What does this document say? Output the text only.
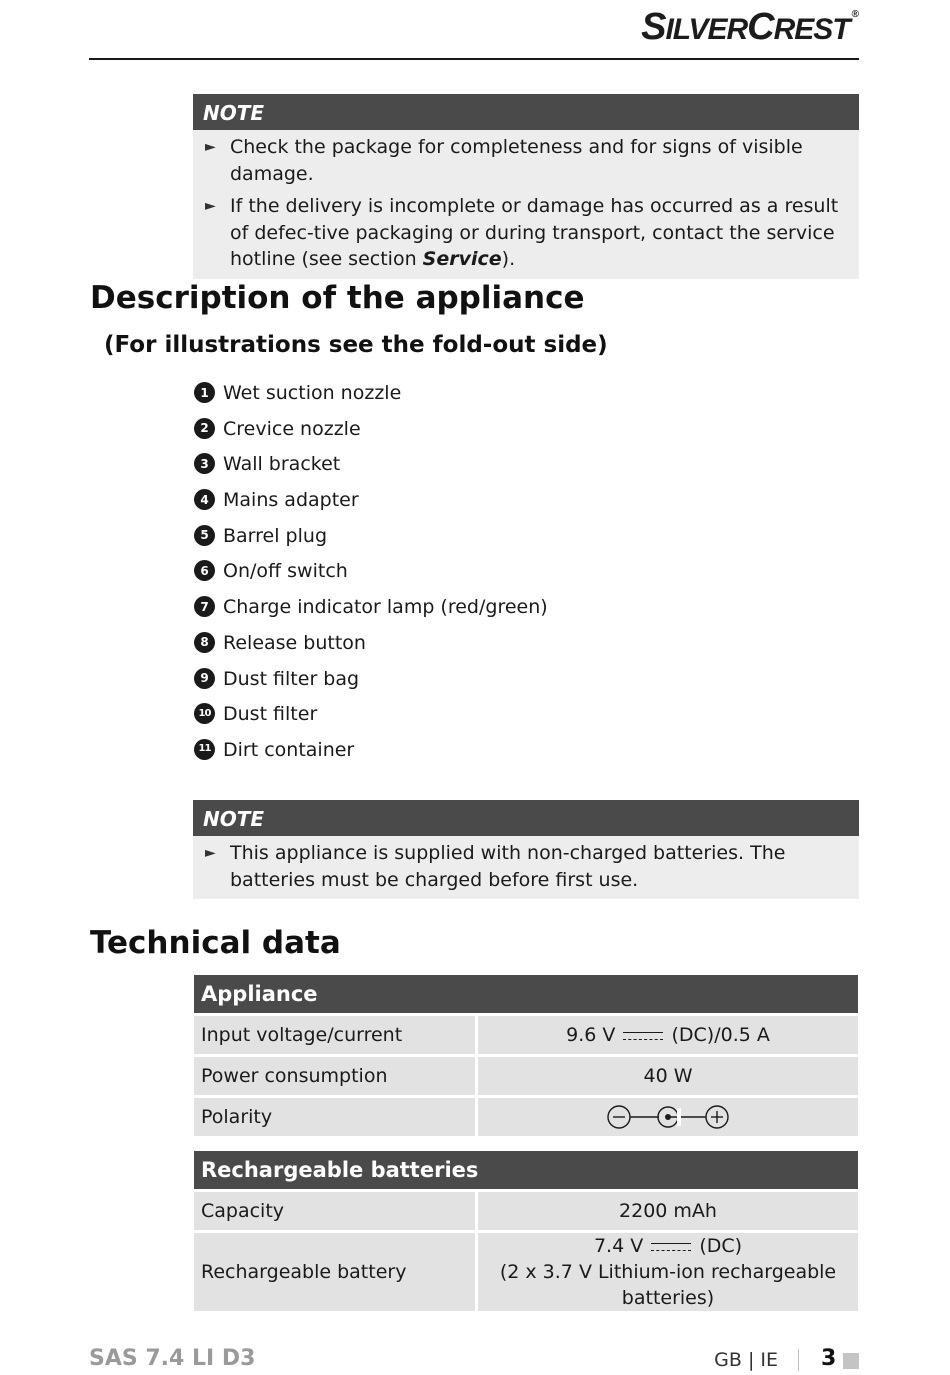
SILVERCREST ®
NOTE
► Check the package for completeness and for signs of visible damage.
► If the delivery is incomplete or damage has occurred as a result of defec-tive packaging or during transport, contact the service hotline (see section Service).
Description of the appliance
(For illustrations see the fold-out side)
1 Wet suction nozzle
2 Crevice nozzle
3 Wall bracket
4 Mains adapter
5 Barrel plug
6 On/off switch
7 Charge indicator lamp (red/green)
8 Release button
9 Dust filter bag
10 Dust filter
11 Dirt container
NOTE
► This appliance is supplied with non-charged batteries. The batteries must be charged before first use.
Technical data
Appliance	
Input voltage/current	9.6 V (DC)/0.5 A
Power consumption	40 W
Polarity	
Rechargeable batteries	
Capacity	2200 mAh
Rechargeable battery	7.4 V (DC)
(2 x 3.7 V Lithium-ion rechargeable batteries)
SAS 7.4 LI D3	GB | IE 3
